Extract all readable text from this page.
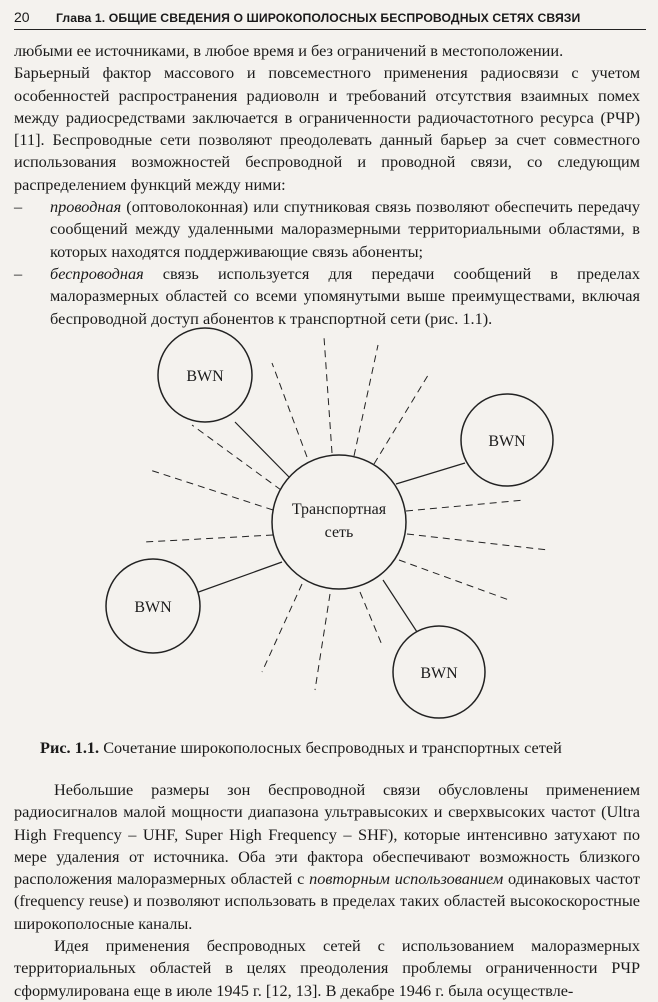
20 Глава 1. ОБЩИЕ СВЕДЕНИЯ О ШИРОКОПОЛОСНЫХ БЕСПРОВОДНЫХ СЕТЯХ СВЯЗИ

любыми ее источниками, в любое время и без ограничений в местоположении.

Барьерный фактор массового и повсеместного применения радиосвязи с учетом особенностей распространения радиоволн и требований отсутствия взаимных помех между радиосредствами заключается в ограниченности радиочастотного ресурса (РЧР) [11]. Беспроводные сети позволяют преодолевать данный барьер за счет совместного использования возможностей беспроводной и проводной связи, со следующим распределением функций между ними:

– проводная (оптоволоконная) или спутниковая связь позволяют обеспечить передачу сообщений между удаленными малоразмерными территориальными областями, в которых находятся поддерживающие связь абоненты;
– беспроводная связь используется для передачи сообщений в пределах малоразмерных областей со всеми упомянутыми выше преимуществами, включая беспроводной доступ абонентов к транспортной сети (рис. 1.1).
Транспортная
сеть
BWN
BWN
BWN
BWN
Рис. 1.1. Сочетание широкополосных беспроводных и транспортных сетей

Небольшие размеры зон беспроводной связи обусловлены применением радиосигналов малой мощности диапазона ультравысоких и сверхвысоких частот (Ultra High Frequency – UHF, Super High Frequency – SHF), которые интенсивно затухают по мере удаления от источника. Оба эти фактора обеспечивают возможность близкого расположения малоразмерных областей с повторным использованием одинаковых частот (frequency reuse) и позволяют использовать в пределах таких областей высокоскоростные широкополосные каналы.

Идея применения беспроводных сетей с использованием малоразмерных территориальных областей в целях преодоления проблемы ограниченности РЧР сформулирована еще в июле 1945 г. [12, 13]. В декабре 1946 г. была осуществле-
